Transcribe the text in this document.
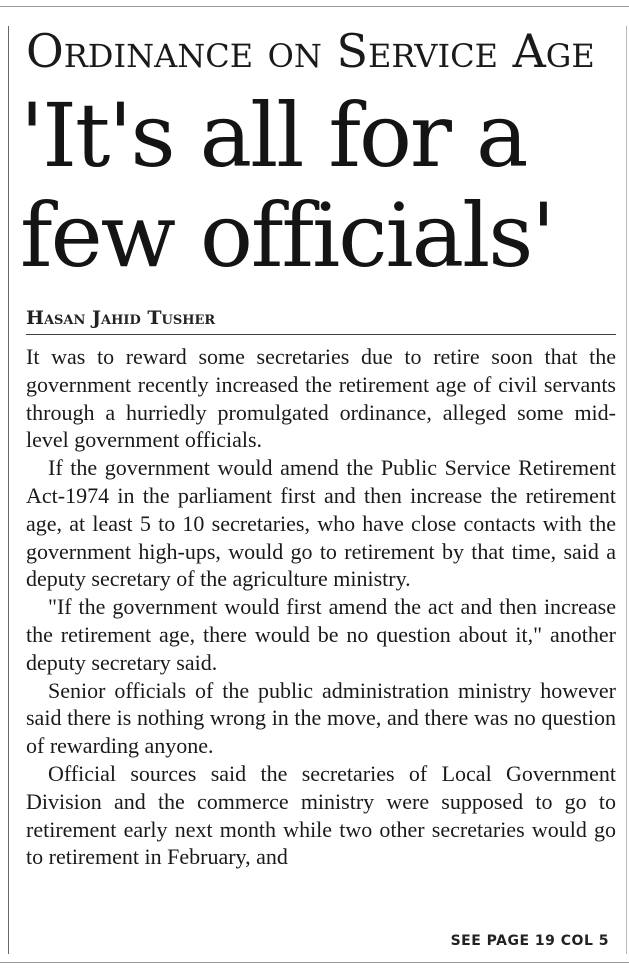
Ordinance on Service Age
'It's all for a
few officials'
Hasan Jahid Tusher

It was to reward some secretaries due to retire soon that the government recently increased the retirement age of civil servants through a hurriedly promulgated ordinance, alleged some mid-level government officials.

If the government would amend the Public Service Retirement Act-1974 in the parliament first and then increase the retirement age, at least 5 to 10 secretaries, who have close contacts with the government high-ups, would go to retirement by that time, said a deputy secretary of the agriculture ministry.

"If the government would first amend the act and then increase the retirement age, there would be no question about it," another deputy secretary said.

Senior officials of the public administration ministry however said there is nothing wrong in the move, and there was no question of rewarding anyone.

Official sources said the secretaries of Local Government Division and the commerce ministry were supposed to go to retirement early next month while two other secretaries would go to retirement in February, and

SEE PAGE 19 COL 5
